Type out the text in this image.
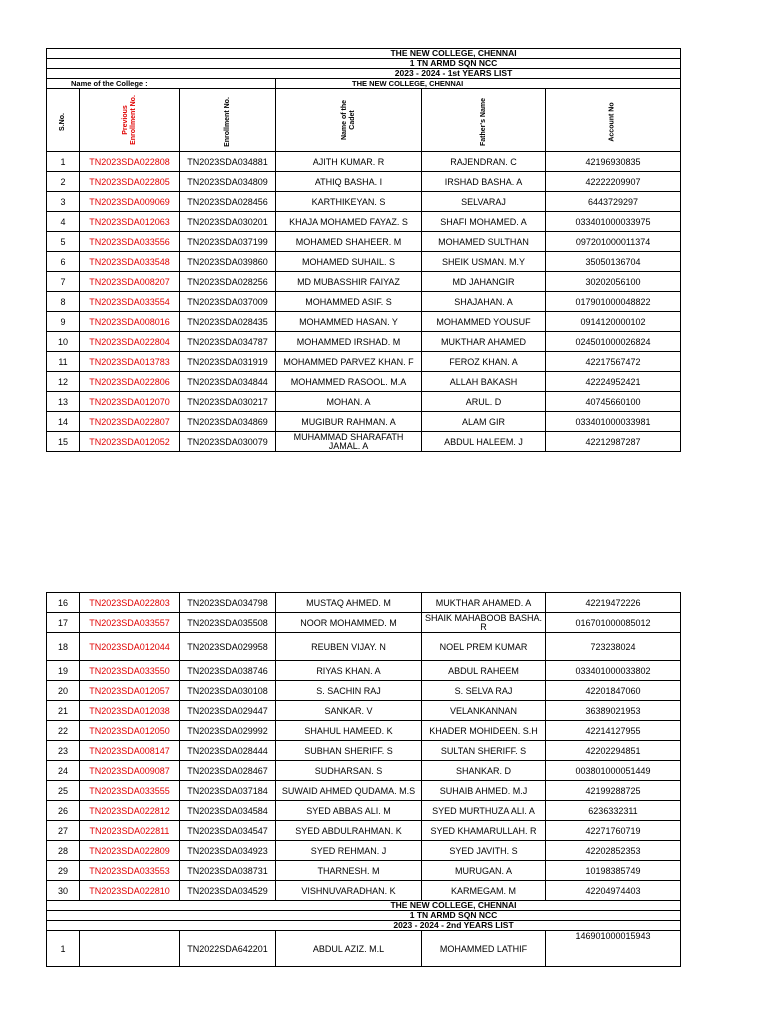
THE NEW COLLEGE, CHENNAI					
1 TN ARMD SQN NCC					
2023 - 2024 - 1st YEARS LIST					
Name of the College :			THE NEW COLLEGE, CHENNAI		
S.No.	Previous Enrollment No.	Enrollment No.	Name of the Cadet	Father's Name	Account No
1	TN2023SDA022808	TN2023SDA034881	AJITH KUMAR. R	RAJENDRAN. C	42196930835
2	TN2023SDA022805	TN2023SDA034809	ATHIQ BASHA. I	IRSHAD BASHA. A	42222209907
3	TN2023SDA009069	TN2023SDA028456	KARTHIKEYAN. S	SELVARAJ	6443729297
4	TN2023SDA012063	TN2023SDA030201	KHAJA MOHAMED FAYAZ. S	SHAFI MOHAMED. A	033401000033975
5	TN2023SDA033556	TN2023SDA037199	MOHAMED SHAHEER. M	MOHAMED SULTHAN	097201000011374
6	TN2023SDA033548	TN2023SDA039860	MOHAMED SUHAIL. S	SHEIK USMAN. M.Y	35050136704
7	TN2023SDA008207	TN2023SDA028256	MD MUBASSHIR FAIYAZ	MD JAHANGIR	30202056100
8	TN2023SDA033554	TN2023SDA037009	MOHAMMED ASIF. S	SHAJAHAN. A	017901000048822
9	TN2023SDA008016	TN2023SDA028435	MOHAMMED HASAN. Y	MOHAMMED YOUSUF	0914120000102
10	TN2023SDA022804	TN2023SDA034787	MOHAMMED IRSHAD. M	MUKTHAR AHAMED	024501000026824
11	TN2023SDA013783	TN2023SDA031919	MOHAMMED PARVEZ KHAN. F	FEROZ KHAN. A	42217567472
12	TN2023SDA022806	TN2023SDA034844	MOHAMMED RASOOL. M.A	ALLAH BAKASH	42224952421
13	TN2023SDA012070	TN2023SDA030217	MOHAN. A	ARUL. D	40745660100
14	TN2023SDA022807	TN2023SDA034869	MUGIBUR RAHMAN. A	ALAM GIR	033401000033981
15	TN2023SDA012052	TN2023SDA030079	MUHAMMAD SHARAFATH JAMAL. A	ABDUL HALEEM. J	42212987287
16	TN2023SDA022803	TN2023SDA034798	MUSTAQ AHMED. M	MUKTHAR AHAMED. A	42219472226
17	TN2023SDA033557	TN2023SDA035508	NOOR MOHAMMED. M	SHAIK MAHABOOB BASHA. R	016701000085012
18	TN2023SDA012044	TN2023SDA029958	REUBEN VIJAY. N	NOEL PREM KUMAR	723238024
19	TN2023SDA033550	TN2023SDA038746	RIYAS KHAN. A	ABDUL RAHEEM	033401000033802
20	TN2023SDA012057	TN2023SDA030108	S. SACHIN RAJ	S. SELVA RAJ	42201847060
21	TN2023SDA012038	TN2023SDA029447	SANKAR. V	VELANKANNAN	36389021953
22	TN2023SDA012050	TN2023SDA029992	SHAHUL HAMEED. K	KHADER MOHIDEEN. S.H	42214127955
23	TN2023SDA008147	TN2023SDA028444	SUBHAN SHERIFF. S	SULTAN SHERIFF. S	42202294851
24	TN2023SDA009087	TN2023SDA028467	SUDHARSAN. S	SHANKAR. D	003801000051449
25	TN2023SDA033555	TN2023SDA037184	SUWAID AHMED QUDAMA. M.S	SUHAIB AHMED. M.J	42199288725
26	TN2023SDA022812	TN2023SDA034584	SYED ABBAS ALI. M	SYED MURTHUZA ALI. A	6236332311
27	TN2023SDA022811	TN2023SDA034547	SYED ABDULRAHMAN. K	SYED KHAMARULLAH. R	42271760719
28	TN2023SDA022809	TN2023SDA034923	SYED REHMAN. J	SYED JAVITH. S	42202852353
29	TN2023SDA033553	TN2023SDA038731	THARNESH. M	MURUGAN. A	10198385749
30	TN2023SDA022810	TN2023SDA034529	VISHNUVARADHAN. K	KARMEGAM. M	42204974403
THE NEW COLLEGE, CHENNAI					
1 TN ARMD SQN NCC					
2023 - 2024 - 2nd YEARS LIST					
1		TN2022SDA642201	ABDUL AZIZ. M.L	MOHAMMED LATHIF	146901000015943
